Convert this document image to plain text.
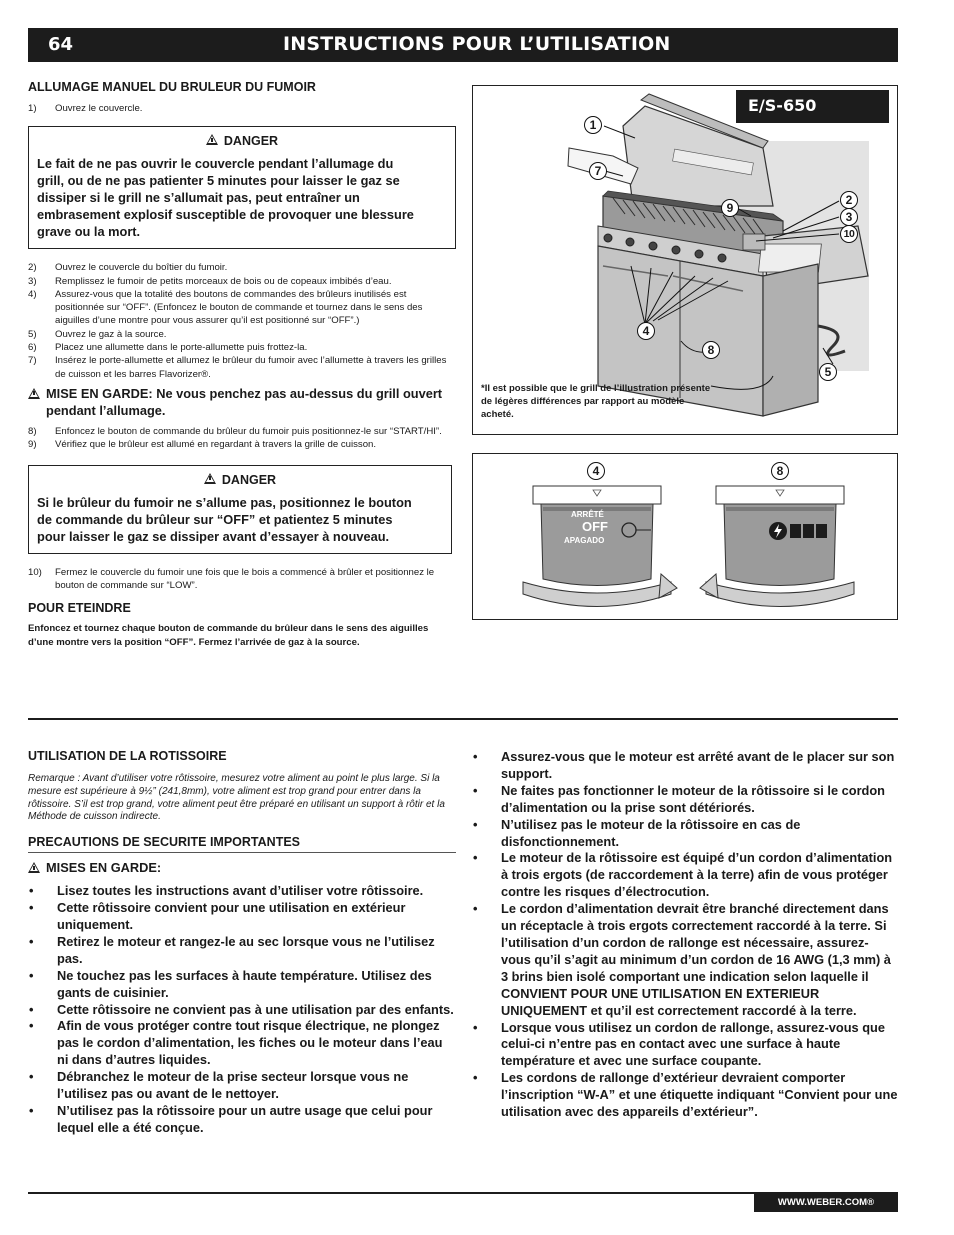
64	INSTRUCTIONS POUR L’UTILISATION
ALLUMAGE MANUEL DU BRULEUR DU FUMOIR
1) Ouvrez le couvercle.
DANGER
Le fait de ne pas ouvrir le couvercle pendant l’allumage du grill, ou de ne pas patienter 5 minutes pour laisser le gaz se dissiper si le grill ne s’allumait pas, peut entraîner un embrasement explosif susceptible de provoquer une blessure grave ou la mort.
2) Ouvrez le couvercle du boîtier du fumoir.
3) Remplissez le fumoir de petits morceaux de bois ou de copeaux imbibés d’eau.
4) Assurez-vous que la totalité des boutons de commandes des brûleurs inutilisés est positionnée sur “OFF”. (Enfoncez le bouton de commande et tournez dans le sens des aiguilles d’une montre pour vous assurer qu’il est positionné sur “OFF”.)
5) Ouvrez le gaz à la source.
6) Placez une allumette dans le porte-allumette puis frottez-la.
7) Insérez le porte-allumette et allumez le brûleur du fumoir avec l’allumette à travers les grilles de cuisson et les barres Flavorizer®.
MISE EN GARDE: Ne vous penchez pas au-dessus du grill ouvert pendant l’allumage.
8) Enfoncez le bouton de commande du brûleur du fumoir puis positionnez-le sur “START/HI”.
9) Vérifiez que le brûleur est allumé en regardant à travers la grille de cuisson.
DANGER
Si le brûleur du fumoir ne s’allume pas, positionnez le bouton de commande du brûleur sur “OFF” et patientez 5 minutes pour laisser le gaz se dissiper avant d’essayer à nouveau.
10) Fermez le couvercle du fumoir une fois que le bois a commencé à brûler et positionnez le bouton de commande sur “LOW”.
POUR ETEINDRE
Enfoncez et tournez chaque bouton de commande du brûleur dans le sens des aiguilles d’une montre vers la position “OFF”. Fermez l’arrivée de gaz à la source.
E/S-650
1
7
9
2
3
10
4
8
5
*Il est possible que le grill de l’illustration présente de légères différences par rapport au modèle acheté.
4	8
ARRÊTÉ
OFF
APAGADO
UTILISATION DE LA ROTISSOIRE
Remarque : Avant d’utiliser votre rôtissoire, mesurez votre aliment au point le plus large. Si la mesure est supérieure à 9½” (241,8mm), votre aliment est trop grand pour entrer dans la rôtissoire. S’il est trop grand, votre aliment peut être préparé en utilisant un support à rôtir et la Méthode de cuisson indirecte.
PRECAUTIONS DE SECURITE IMPORTANTES
MISES EN GARDE:
• Lisez toutes les instructions avant d’utiliser votre rôtissoire.
• Cette rôtissoire convient pour une utilisation en extérieur uniquement.
• Retirez le moteur et rangez-le au sec lorsque vous ne l’utilisez pas.
• Ne touchez pas les surfaces à haute température. Utilisez des gants de cuisinier.
• Cette rôtissoire ne convient pas à une utilisation par des enfants.
• Afin de vous protéger contre tout risque électrique, ne plongez pas le cordon d’alimentation, les fiches ou le moteur dans l’eau ni dans d’autres liquides.
• Débranchez le moteur de la prise secteur lorsque vous ne l’utilisez pas ou avant de le nettoyer.
• N’utilisez pas la rôtissoire pour un autre usage que celui pour lequel elle a été conçue.
• Assurez-vous que le moteur est arrêté avant de le placer sur son support.
• Ne faites pas fonctionner le moteur de la rôtissoire si le cordon d’alimentation ou la prise sont détériorés.
• N’utilisez pas le moteur de la rôtissoire en cas de disfonctionnement.
• Le moteur de la rôtissoire est équipé d’un cordon d’alimentation à trois ergots (de raccordement à la terre) afin de vous protéger contre les risques d’électrocution.
• Le cordon d’alimentation devrait être branché directement dans un réceptacle à trois ergots correctement raccordé à la terre. Si l’utilisation d’un cordon de rallonge est nécessaire, assurez-vous qu’il s’agit au minimum d’un cordon de 16 AWG (1,3 mm) à 3 brins bien isolé comportant une indication selon laquelle il CONVIENT POUR UNE UTILISATION EN EXTERIEUR UNIQUEMENT et qu’il est correctement raccordé à la terre.
• Lorsque vous utilisez un cordon de rallonge, assurez-vous que celui-ci n’entre pas en contact avec une surface à haute température et avec une surface coupante.
• Les cordons de rallonge d’extérieur devraient comporter l’inscription “W-A” et une étiquette indiquant “Convient pour une utilisation avec des appareils d’extérieur”.
WWW.WEBER.COM®
